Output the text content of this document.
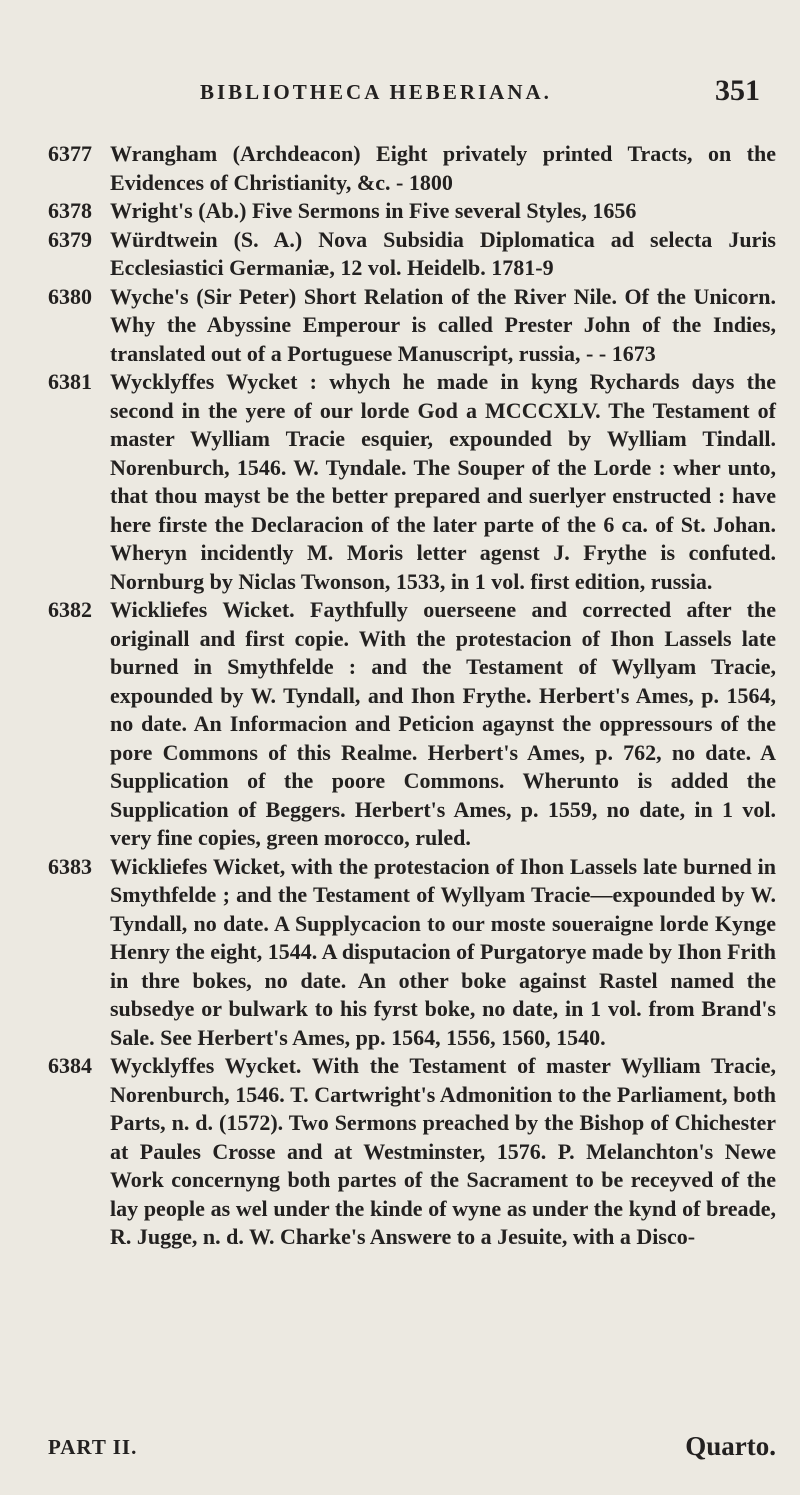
BIBLIOTHECA HEBERIANA.	351
6377 Wrangham (Archdeacon) Eight privately printed Tracts, on the Evidences of Christianity, &c. - 1800
6378 Wright's (Ab.) Five Sermons in Five several Styles, 1656
6379 Würdtwein (S. A.) Nova Subsidia Diplomatica ad selecta Juris Ecclesiastici Germaniæ, 12 vol. Heidelb. 1781-9
6380 Wyche's (Sir Peter) Short Relation of the River Nile. Of the Unicorn. Why the Abyssine Emperour is called Prester John of the Indies, translated out of a Portuguese Manuscript, russia, - - 1673
6381 Wycklyffes Wycket : whych he made in kyng Rychards days the second in the yere of our lorde God a MCCCXLV. The Testament of master Wylliam Tracie esquier, expounded by Wylliam Tindall. Norenburch, 1546. W. Tyndale. The Souper of the Lorde : wher unto, that thou mayst be the better prepared and suerlyer enstructed : have here firste the Declaracion of the later parte of the 6 ca. of St. Johan. Wheryn incidently M. Moris letter agenst J. Frythe is confuted. Nornburg by Niclas Twonson, 1533, in 1 vol. first edition, russia.
6382 Wickliefes Wicket. Faythfully ouerseene and corrected after the originall and first copie. With the protestacion of Ihon Lassels late burned in Smythfelde : and the Testament of Wyllyam Tracie, expounded by W. Tyndall, and Ihon Frythe. Herbert's Ames, p. 1564, no date. An Informacion and Peticion agaynst the oppressours of the pore Commons of this Realme. Herbert's Ames, p. 762, no date. A Supplication of the poore Commons. Wherunto is added the Supplication of Beggers. Herbert's Ames, p. 1559, no date, in 1 vol. very fine copies, green morocco, ruled.
6383 Wickliefes Wicket, with the protestacion of Ihon Lassels late burned in Smythfelde ; and the Testament of Wyllyam Tracie—expounded by W. Tyndall, no date. A Supplycacion to our moste soueraigne lorde Kynge Henry the eight, 1544. A disputacion of Purgatorye made by Ihon Frith in thre bokes, no date. An other boke against Rastel named the subsedye or bulwark to his fyrst boke, no date, in 1 vol. from Brand's Sale. See Herbert's Ames, pp. 1564, 1556, 1560, 1540.
6384 Wycklyffes Wycket. With the Testament of master Wylliam Tracie, Norenburch, 1546. T. Cartwright's Admonition to the Parliament, both Parts, n. d. (1572). Two Sermons preached by the Bishop of Chichester at Paules Crosse and at Westminster, 1576. P. Melanchton's Newe Work concernyng both partes of the Sacrament to be receyved of the lay people as wel under the kinde of wyne as under the kynd of breade, R. Jugge, n. d. W. Charke's Answere to a Jesuite, with a Disco-
PART II.	Quarto.
